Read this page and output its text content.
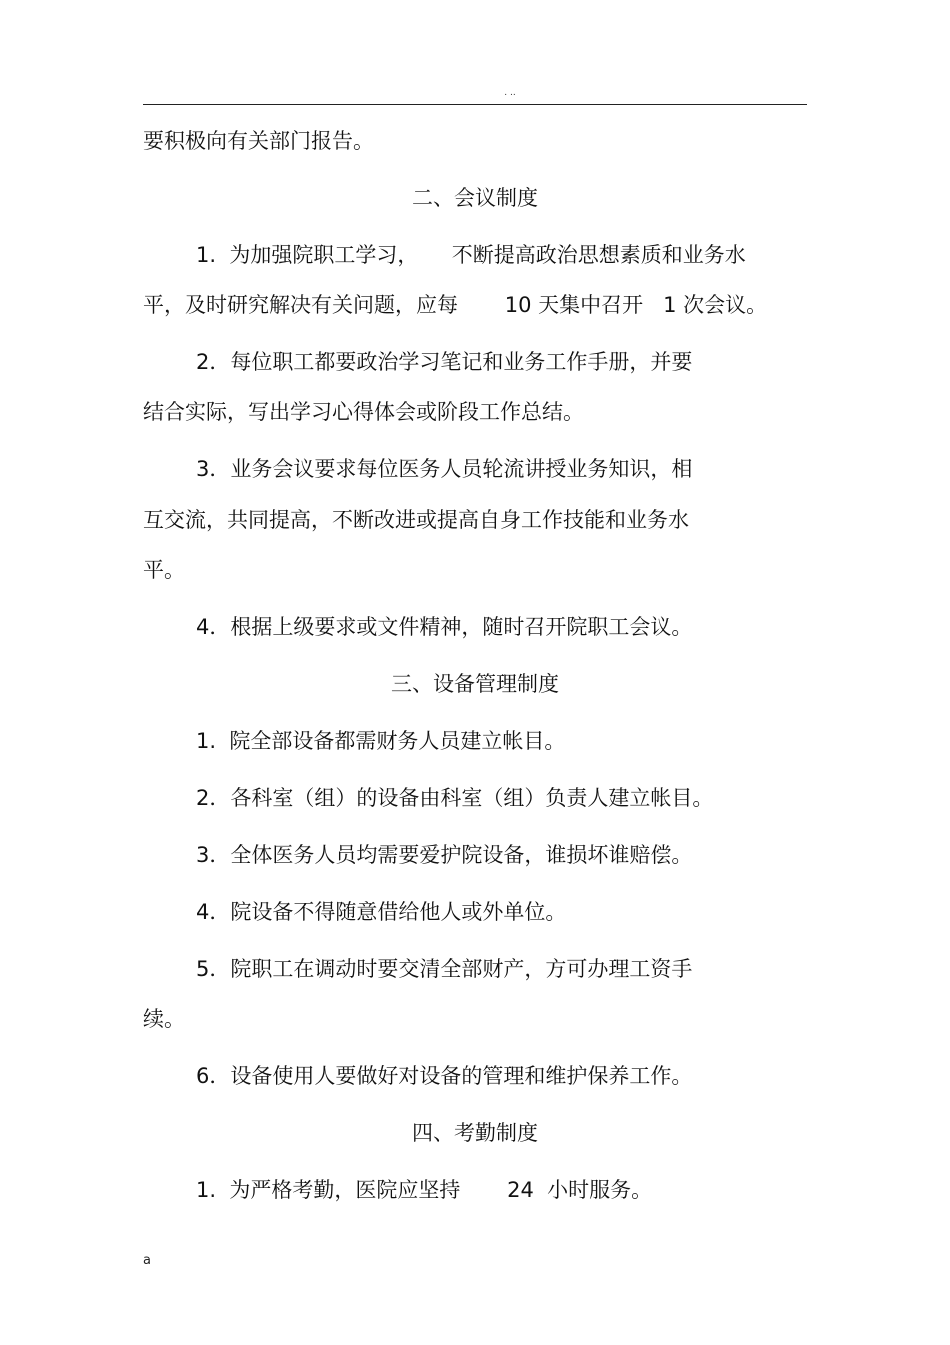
. ..
要积极向有关部门报告。
二、会议制度
1.  为加强院职工学习，     不断提高政治思想素质和业务水
平，及时研究解决有关问题，应每       10 天集中召开   1 次会议。
2．每位职工都要政治学习笔记和业务工作手册，并要
结合实际，写出学习心得体会或阶段工作总结。
3．业务会议要求每位医务人员轮流讲授业务知识，相
互交流，共同提高，不断改进或提高自身工作技能和业务水
平。
4．根据上级要求或文件精神，随时召开院职工会议。
三、设备管理制度
1.  院全部设备都需财务人员建立帐目。
2．各科室（组）的设备由科室（组）负责人建立帐目。
3．全体医务人员均需要爱护院设备，谁损坏谁赔偿。
4．院设备不得随意借给他人或外单位。
5．院职工在调动时要交清全部财产，方可办理工资手
续。
6．设备使用人要做好对设备的管理和维护保养工作。
四、考勤制度
1.  为严格考勤，医院应坚持       24  小时服务。
a
